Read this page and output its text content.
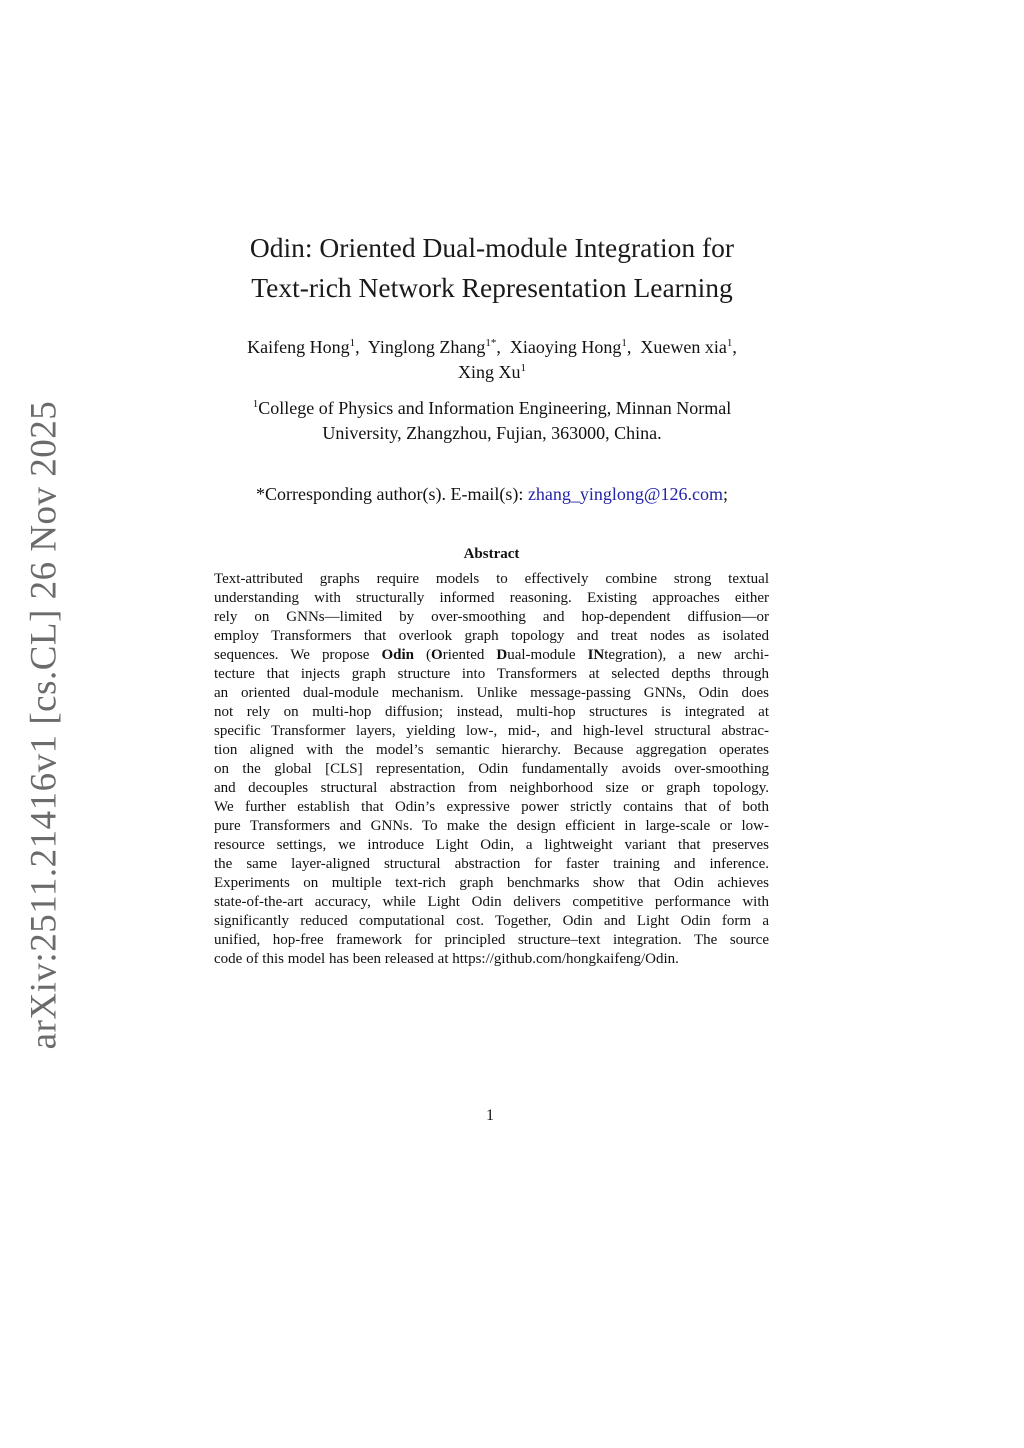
arXiv:2511.21416v1 [cs.CL] 26 Nov 2025
Odin: Oriented Dual-module Integration for
Text-rich Network Representation Learning
Kaifeng Hong$^1$,  Yinglong Zhang$^{1*}$,  Xiaoying Hong$^1$,  Xuewen xia$^1$,
Xing Xu$^1$
$^1$College of Physics and Information Engineering, Minnan Normal
University, Zhangzhou, Fujian, 363000, China.
*Corresponding author(s). E-mail(s): zhang_yinglong@126.com;
Abstract
Text-attributed graphs require models to effectively combine strong textual
understanding with structurally informed reasoning. Existing approaches either
rely on GNNs—limited by over-smoothing and hop-dependent diffusion—or
employ Transformers that overlook graph topology and treat nodes as isolated
sequences. We propose Odin (Oriented Dual-module INtegration), a new archi-
tecture that injects graph structure into Transformers at selected depths through
an oriented dual-module mechanism. Unlike message-passing GNNs, Odin does
not rely on multi-hop diffusion; instead, multi-hop structures is integrated at
specific Transformer layers, yielding low-, mid-, and high-level structural abstrac-
tion aligned with the model’s semantic hierarchy. Because aggregation operates
on the global [CLS] representation, Odin fundamentally avoids over-smoothing
and decouples structural abstraction from neighborhood size or graph topology.
We further establish that Odin’s expressive power strictly contains that of both
pure Transformers and GNNs. To make the design efficient in large-scale or low-
resource settings, we introduce Light Odin, a lightweight variant that preserves
the same layer-aligned structural abstraction for faster training and inference.
Experiments on multiple text-rich graph benchmarks show that Odin achieves
state-of-the-art accuracy, while Light Odin delivers competitive performance with
significantly reduced computational cost. Together, Odin and Light Odin form a
unified, hop-free framework for principled structure–text integration. The source
code of this model has been released at https://github.com/hongkaifeng/Odin.
1
